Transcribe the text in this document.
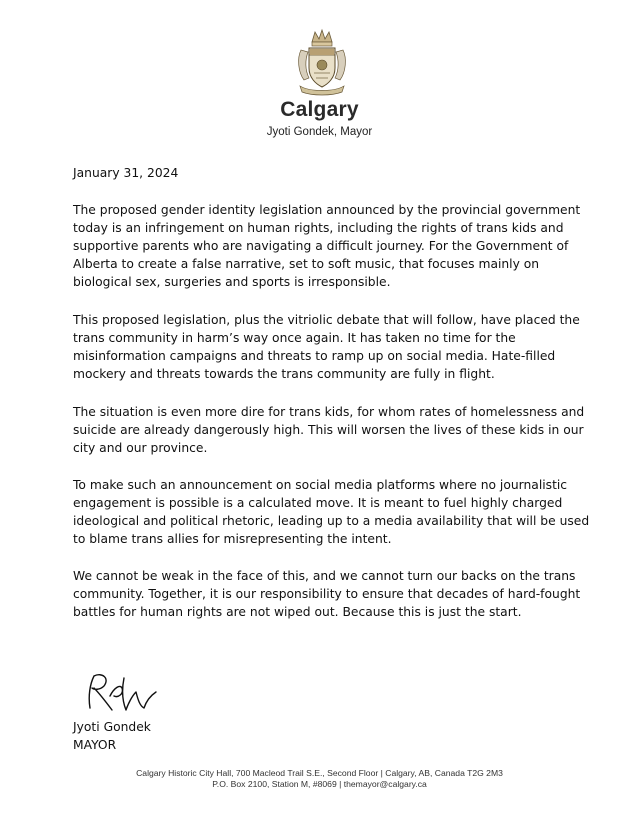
Calgary
Jyoti Gondek, Mayor

January 31, 2024

The proposed gender identity legislation announced by the provincial government today is an infringement on human rights, including the rights of trans kids and supportive parents who are navigating a difficult journey. For the Government of Alberta to create a false narrative, set to soft music, that focuses mainly on biological sex, surgeries and sports is irresponsible.

This proposed legislation, plus the vitriolic debate that will follow, have placed the trans community in harm’s way once again. It has taken no time for the misinformation campaigns and threats to ramp up on social media. Hate-filled mockery and threats towards the trans community are fully in flight.

The situation is even more dire for trans kids, for whom rates of homelessness and suicide are already dangerously high. This will worsen the lives of these kids in our city and our province.

To make such an announcement on social media platforms where no journalistic engagement is possible is a calculated move. It is meant to fuel highly charged ideological and political rhetoric, leading up to a media availability that will be used to blame trans allies for misrepresenting the intent.

We cannot be weak in the face of this, and we cannot turn our backs on the trans community. Together, it is our responsibility to ensure that decades of hard-fought battles for human rights are not wiped out. Because this is just the start.

Jyoti Gondek
MAYOR
Calgary Historic City Hall, 700 Macleod Trail S.E., Second Floor | Calgary, AB, Canada T2G 2M3
P.O. Box 2100, Station M, #8069 | themayor@calgary.ca
